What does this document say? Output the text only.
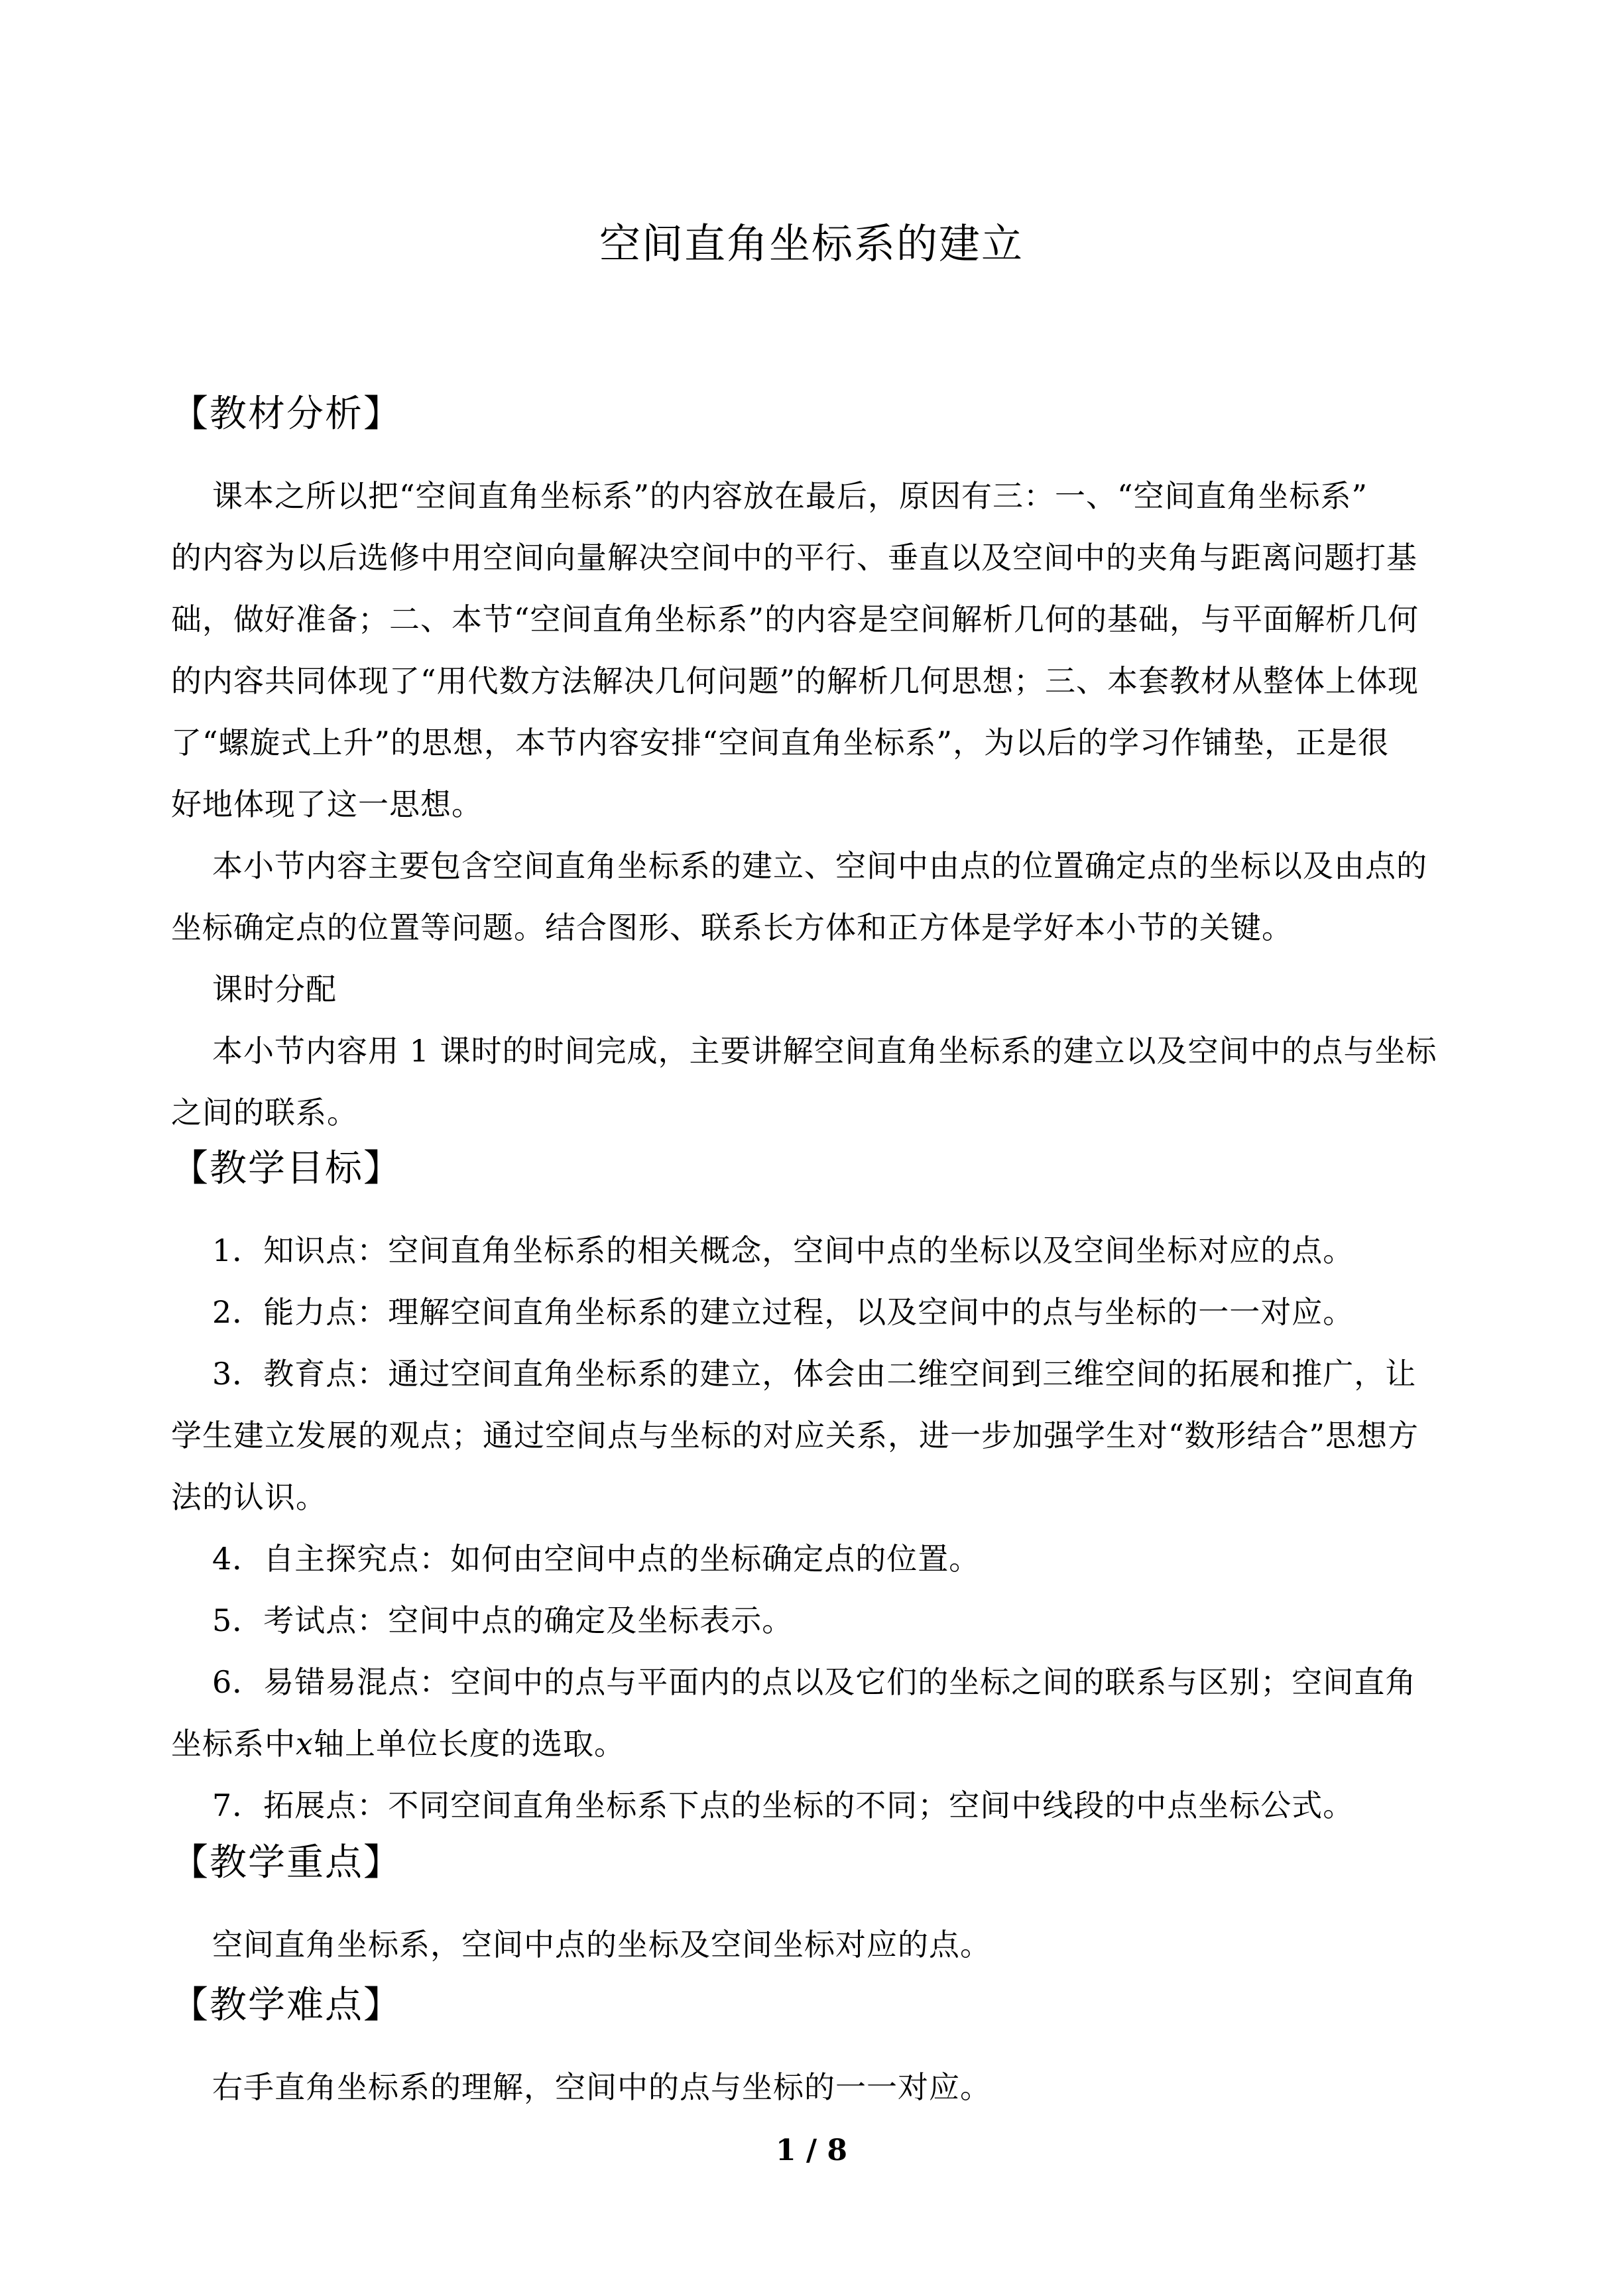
空间直角坐标系的建立
【教材分析】
课本之所以把“空间直角坐标系”的内容放在最后，原因有三：一、“空间直角坐标系”
的内容为以后选修中用空间向量解决空间中的平行、垂直以及空间中的夹角与距离问题打基
础，做好准备；二、本节“空间直角坐标系”的内容是空间解析几何的基础，与平面解析几何
的内容共同体现了“用代数方法解决几何问题”的解析几何思想；三、本套教材从整体上体现
了“螺旋式上升”的思想，本节内容安排“空间直角坐标系”，为以后的学习作铺垫，正是很
好地体现了这一思想。
本小节内容主要包含空间直角坐标系的建立、空间中由点的位置确定点的坐标以及由点的
坐标确定点的位置等问题。结合图形、联系长方体和正方体是学好本小节的关键。
课时分配
本小节内容用 1 课时的时间完成，主要讲解空间直角坐标系的建立以及空间中的点与坐标
之间的联系。
【教学目标】
1．知识点：空间直角坐标系的相关概念，空间中点的坐标以及空间坐标对应的点。
2．能力点：理解空间直角坐标系的建立过程，以及空间中的点与坐标的一一对应。
3．教育点：通过空间直角坐标系的建立，体会由二维空间到三维空间的拓展和推广，让
学生建立发展的观点；通过空间点与坐标的对应关系，进一步加强学生对“数形结合”思想方
法的认识。
4．自主探究点：如何由空间中点的坐标确定点的位置。
5．考试点：空间中点的确定及坐标表示。
6．易错易混点：空间中的点与平面内的点以及它们的坐标之间的联系与区别；空间直角
坐标系中x轴上单位长度的选取。
7．拓展点：不同空间直角坐标系下点的坐标的不同；空间中线段的中点坐标公式。
【教学重点】
空间直角坐标系，空间中点的坐标及空间坐标对应的点。
【教学难点】
右手直角坐标系的理解，空间中的点与坐标的一一对应。
1 / 8
